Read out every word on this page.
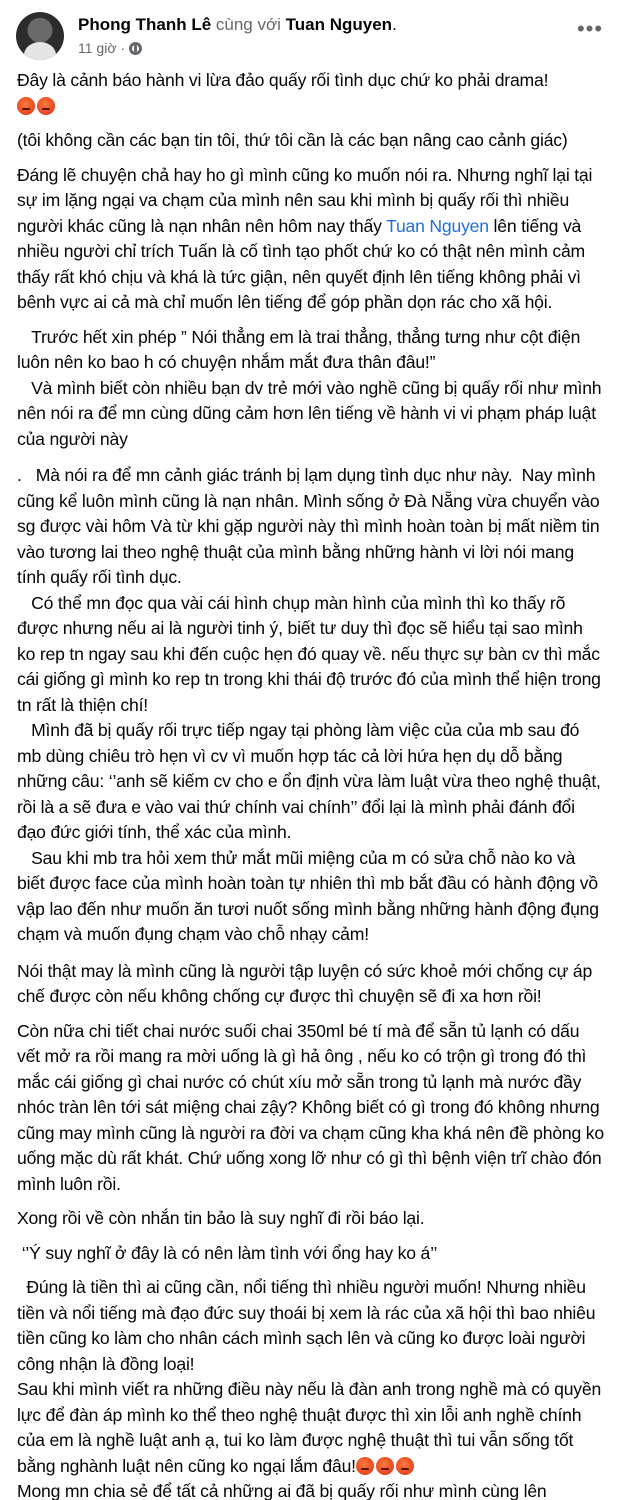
Phong Thanh Lê cùng với Tuan Nguyen.
11 giờ ·
•••

Đây là cảnh báo hành vi lừa đảo quấy rối tình dục chứ ko phải drama!

(tôi không cần các bạn tin tôi, thứ tôi cần là các bạn nâng cao cảnh giác)

Đáng lẽ chuyện chả hay ho gì mình cũng ko muốn nói ra. Nhưng nghĩ lại tại sự im lặng ngại va chạm của mình nên sau khi mình bị quấy rối thì nhiều người khác cũng là nạn nhân nên hôm nay thấy Tuan Nguyen lên tiếng và nhiều người chỉ trích Tuấn là cố tình tạo phốt chứ ko có thật nên mình cảm thấy rất khó chịu và khá là tức giận, nên quyết định lên tiếng không phải vì bênh vực ai cả mà chỉ muốn lên tiếng để góp phần dọn rác cho xã hội.

Trước hết xin phép ” Nói thẳng em là trai thẳng, thẳng tưng như cột điện luôn nên ko bao h có chuyện nhắm mắt đưa thân đâu!”

Và mình biết còn nhiều bạn dv trẻ mới vào nghề cũng bị quấy rối như mình nên nói ra để mn cùng dũng cảm hơn lên tiếng về hành vi vi phạm pháp luật của người này

.   Mà nói ra để mn cảnh giác tránh bị lạm dụng tình dục như này.  Nay mình cũng kể luôn mình cũng là nạn nhân. Mình sống ở Đà Nẵng vừa chuyển vào sg được vài hôm Và từ khi gặp người này thì mình hoàn toàn bị mất niềm tin vào tương lai theo nghệ thuật của mình bằng những hành vi lời nói mang tính quấy rối tình dục.

Có thể mn đọc qua vài cái hình chụp màn hình của mình thì ko thấy rõ được nhưng nếu ai là người tinh ý, biết tư duy thì đọc sẽ hiểu tại sao mình ko rep tn ngay sau khi đến cuộc hẹn đó quay về. nếu thực sự bàn cv thì mắc cái giống gì mình ko rep tn trong khi thái độ trước đó của mình thể hiện trong tn rất là thiện chí!

Mình đã bị quấy rối trực tiếp ngay tại phòng làm việc của của mb sau đó mb dùng chiêu trò hẹn vì cv vì muốn hợp tác cả lời hứa hẹn dụ dỗ bằng những câu: ‘’anh sẽ kiếm cv cho e ổn định vừa làm luật vừa theo nghệ thuật, rồi là a sẽ đưa e vào vai thứ chính vai chính’’ đổi lại là mình phải đánh đổi đạo đức giới tính, thể xác của mình.

Sau khi mb tra hỏi xem thử mắt mũi miệng của m có sửa chỗ nào ko và biết được face của mình hoàn toàn tự nhiên thì mb bắt đầu có hành động vồ vập lao đến như muốn ăn tươi nuốt sống mình bằng những hành động đụng chạm và muốn đụng chạm vào chỗ nhạy cảm!

Nói thật may là mình cũng là người tập luyện có sức khoẻ mới chống cự áp chế được còn nếu không chống cự được thì chuyện sẽ đi xa hơn rồi!

Còn nữa chi tiết chai nước suối chai 350ml bé tí mà để sẵn tủ lạnh có dấu vết mở ra rồi mang ra mời uống là gì hả ông , nếu ko có trộn gì trong đó thì mắc cái giống gì chai nước có chút xíu mở sẵn trong tủ lạnh mà nước đầy nhóc tràn lên tới sát miệng chai zậy? Không biết có gì trong đó không nhưng cũng may mình cũng là người ra đời va chạm cũng kha khá nên đề phòng ko uống mặc dù rất khát. Chứ uống xong lỡ như có gì thì bệnh viện trĩ chào đón mình luôn rồi.

Xong rồi về còn nhắn tin bảo là suy nghĩ đi rồi báo lại.

‘’Ý suy nghĩ ở đây là có nên làm tình với ổng hay ko á’’

Đúng là tiền thì ai cũng cần, nổi tiếng thì nhiều người muốn! Nhưng nhiều tiền và nổi tiếng mà đạo đức suy thoái bị xem là rác của xã hội thì bao nhiêu tiền cũng ko làm cho nhân cách mình sạch lên và cũng ko được loài người công nhận là đồng loại!

Sau khi mình viết ra những điều này nếu là đàn anh trong nghề mà có quyền lực để đàn áp mình ko thể theo nghệ thuật được thì xin lỗi anh nghề chính của em là nghề luật anh ạ, tui ko làm được nghệ thuật thì tui vẫn sống tốt bằng nghành luật nên cũng ko ngại lắm đâu!

Mong mn chia sẻ để tất cả những ai đã bị quấy rối như mình cùng lên
